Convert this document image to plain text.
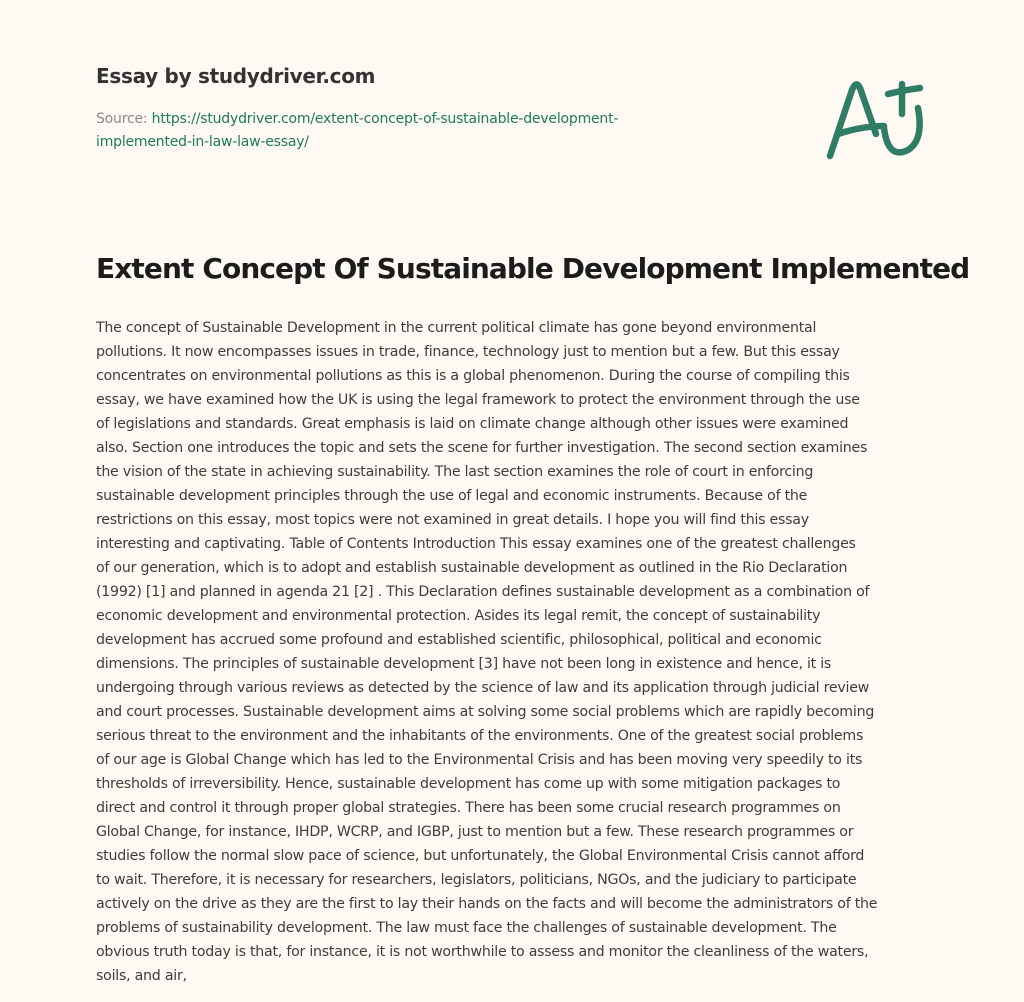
Essay by studydriver.com
Source: https://studydriver.com/extent-concept-of-sustainable-development-
implemented-in-law-law-essay/
Extent Concept Of Sustainable Development Implemented
The concept of Sustainable Development in the current political climate has gone beyond environmental
pollutions. It now encompasses issues in trade, finance, technology just to mention but a few. But this essay
concentrates on environmental pollutions as this is a global phenomenon. During the course of compiling this
essay, we have examined how the UK is using the legal framework to protect the environment through the use
of legislations and standards. Great emphasis is laid on climate change although other issues were examined
also. Section one introduces the topic and sets the scene for further investigation. The second section examines
the vision of the state in achieving sustainability. The last section examines the role of court in enforcing
sustainable development principles through the use of legal and economic instruments. Because of the
restrictions on this essay, most topics were not examined in great details. I hope you will find this essay
interesting and captivating. Table of Contents Introduction This essay examines one of the greatest challenges
of our generation, which is to adopt and establish sustainable development as outlined in the Rio Declaration
(1992) [1] and planned in agenda 21 [2] . This Declaration defines sustainable development as a combination of
economic development and environmental protection. Asides its legal remit, the concept of sustainability
development has accrued some profound and established scientific, philosophical, political and economic
dimensions. The principles of sustainable development [3] have not been long in existence and hence, it is
undergoing through various reviews as detected by the science of law and its application through judicial review
and court processes. Sustainable development aims at solving some social problems which are rapidly becoming
serious threat to the environment and the inhabitants of the environments. One of the greatest social problems
of our age is Global Change which has led to the Environmental Crisis and has been moving very speedily to its
thresholds of irreversibility. Hence, sustainable development has come up with some mitigation packages to
direct and control it through proper global strategies. There has been some crucial research programmes on
Global Change, for instance, IHDP, WCRP, and IGBP, just to mention but a few. These research programmes or
studies follow the normal slow pace of science, but unfortunately, the Global Environmental Crisis cannot afford
to wait. Therefore, it is necessary for researchers, legislators, politicians, NGOs, and the judiciary to participate
actively on the drive as they are the first to lay their hands on the facts and will become the administrators of the
problems of sustainability development. The law must face the challenges of sustainable development. The
obvious truth today is that, for instance, it is not worthwhile to assess and monitor the cleanliness of the waters,
soils, and air,
